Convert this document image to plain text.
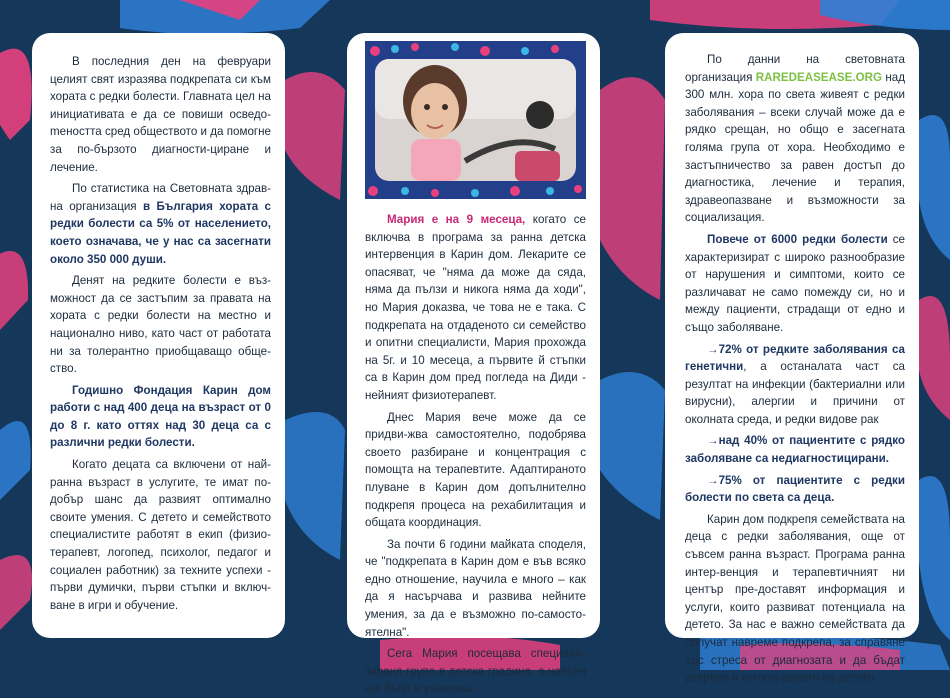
В последния ден на февруари целият свят изразява подкрепата си към хората с редки болести. Главната цел на инициативата е да се повиши осведо-meността сред обществото и да помогне за по-бързото диагности-циране и лечение.

По статистика на Световната здрав-на организация в България хората с редки болести са 5% от населението, което означава, че у нас са засегнати около 350 000 души.

Денят на редките болести е въз-можност да се застъпим за правата на хората с редки болести на местно и национално ниво, като част от работата ни за толерантно приобщаващо обще-ство.

Годишно Фондация Карин дом работи с над 400 деца на възраст от 0 до 8 г. като оттях над 30 деца са с различни редки болести.

Когато децата са включени от най-ранна възраст в услугите, те имат по-добър шанс да развият оптимално своите умения. С детето и семейството специалистите работят в екип (физио-терапевт, логопед, психолог, педагог и социален работник) за техните успехи - първи думички, първи стъпки и включ-ване в игри и обучение.

Мария е на 9 месеца, когато се включва в програма за ранна детска интервенция в Карин дом. Лекарите се опасяват, че "няма да може да сяда, няма да пълзи и никога няма да ходи", но Мария доказва, че това не е така. С подкрепата на отдаденото си семейство и опитни специалисти, Мария прохожда на 5г. и 10 месеца, а първите й стъпки са в Карин дом пред погледа на Диди - нейният физиотерапевт.

Днес Мария вече може да се придви-жва самостоятелно, подобрява своето разбиране и концентрация с помощта на терапевтите. Адаптираното плуване в Карин дом допълнително подкрепя процеса на рехабилитация и общата координация.

За почти 6 години майката споделя, че "подкрепата в Карин дом е във всяко едно отношение, научила е много – как да я насърчава и развива нейните умения, за да е възможно по-самосто-ятелна".

Сега Мария посещава специали-зирана група в детска градина, а наесен ще бъде и ученичка.

По данни на световната организация RAREDEASEASE.ORG над 300 млн. хора по света живеят с редки заболявания – всеки случай може да е рядко срещан, но общо е засегната голяма група от хора. Необходимо е застъпничество за равен достъп до диагностика, лечение и терапия, здравеопазване и възможности за социализация.

Повече от 6000 редки болести се характеризират с широко разнообразие от нарушения и симптоми, които се различават не само помежду си, но и между пациенти, страдащи от едно и също заболяване.

→72% от редките заболявания са генетични, а останалата част са резултат на инфекции (бактериални или вирусни), алергии и причини от околната среда, и редки видове рак

→над 40% от пациентите с рядко заболяване са недиагностицирани.

→75% от пациентите с редки болести по света са деца.

Карин дом подкрепя семействата на деца с редки заболявания, още от съвсем ранна възраст. Програма ранна интер-венция и терапевтичният ни център пре-доставят информация и услуги, които развиват потенциала на детето. За нас е важно семействата да получат навреме подкрепа, за справяне със стреса от диагнозата и да бъдат уверени в отглеж-дането на детето.
